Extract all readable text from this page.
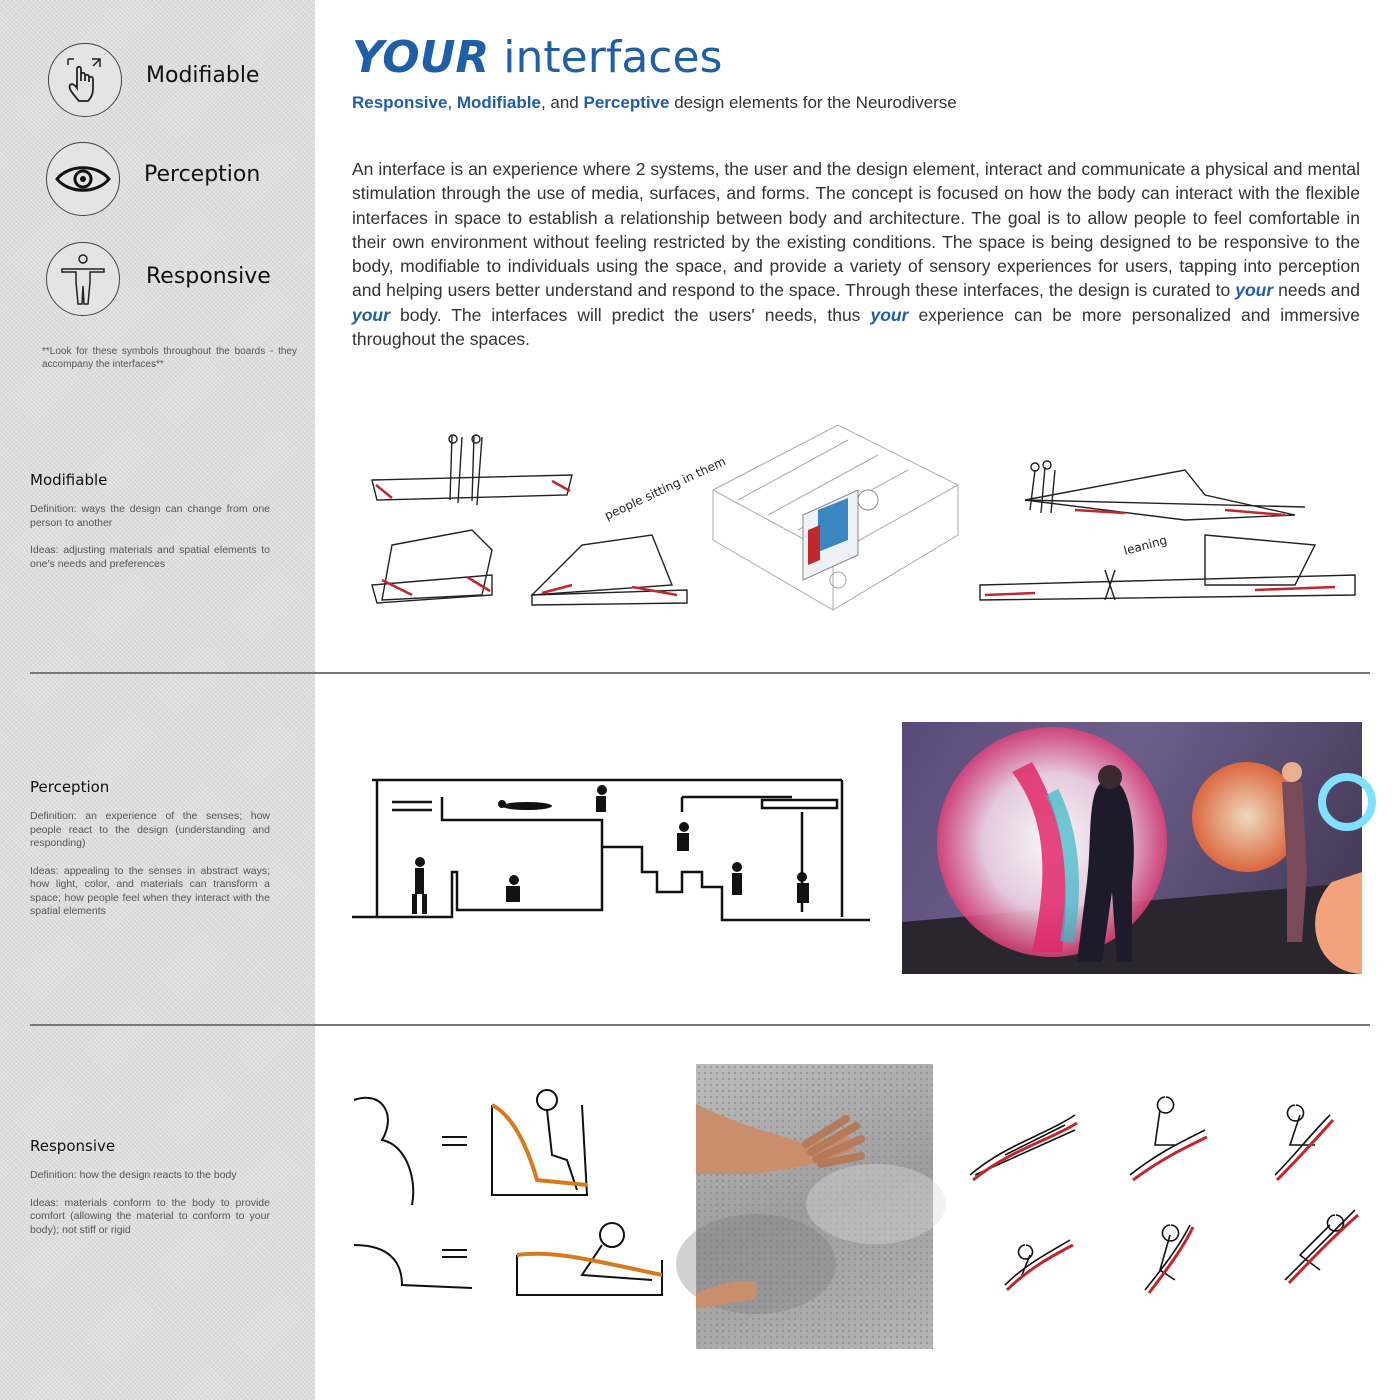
Modifiable
Perception
Responsive
**Look for these symbols throughout the boards - they accompany the interfaces**
Modifiable

Definition: ways the design can change from one person to another

Ideas: adjusting materials and spatial elements to one's needs and preferences

Perception

Definition: an experience of the senses; how people react to the design (understanding and responding)

Ideas: appealing to the senses in abstract ways; how light, color, and materials can transform a space; how people feel when they interact with the spatial elements

Responsive

Definition: how the design reacts to the body

Ideas: materials conform to the body to provide comfort (allowing the material to conform to your body); not stiff or rigid

YOUR interfaces
Responsive, Modifiable, and Perceptive design elements for the Neurodiverse
An interface is an experience where 2 systems, the user and the design element, interact and communicate a physical and mental stimulation through the use of media, surfaces, and forms. The concept is focused on how the body can interact with the flexible interfaces in space to establish a relationship between body and architecture. The goal is to allow people to feel comfortable in their own environment without feeling restricted by the existing conditions. The space is being designed to be responsive to the body, modifiable to individuals using the space, and provide a variety of sensory experiences for users, tapping into perception and helping users better understand and respond to the space. Through these interfaces, the design is curated to your needs and your body. The interfaces will predict the users' needs, thus your experience can be more personalized and immersive throughout the spaces.
people sitting in them
leaning
